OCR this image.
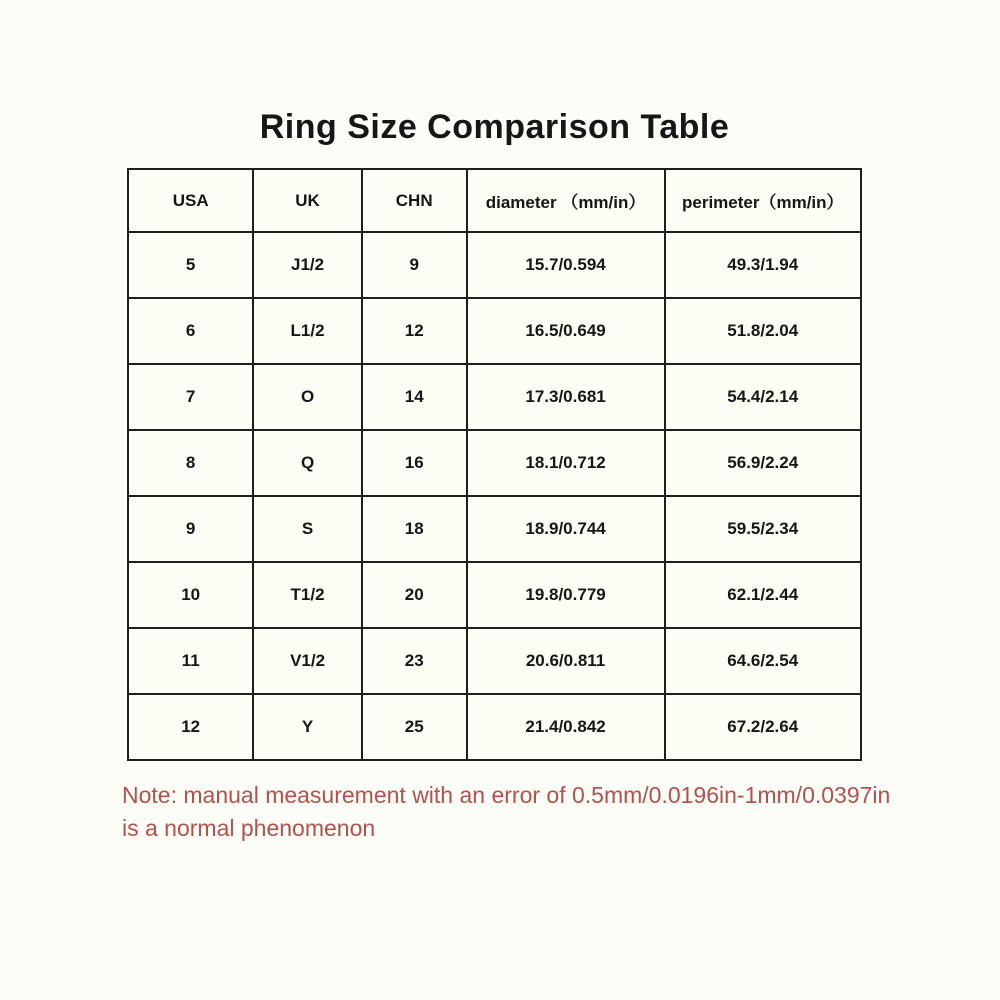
Ring Size Comparison Table
USA	UK	CHN	diameter （mm/in）	perimeter（mm/in）
5	J1/2	9	15.7/0.594	49.3/1.94
6	L1/2	12	16.5/0.649	51.8/2.04
7	O	14	17.3/0.681	54.4/2.14
8	Q	16	18.1/0.712	56.9/2.24
9	S	18	18.9/0.744	59.5/2.34
10	T1/2	20	19.8/0.779	62.1/2.44
11	V1/2	23	20.6/0.811	64.6/2.54
12	Y	25	21.4/0.842	67.2/2.64
Note: manual measurement with an error of 0.5mm/0.0196in-1mm/0.0397in is a normal phenomenon
